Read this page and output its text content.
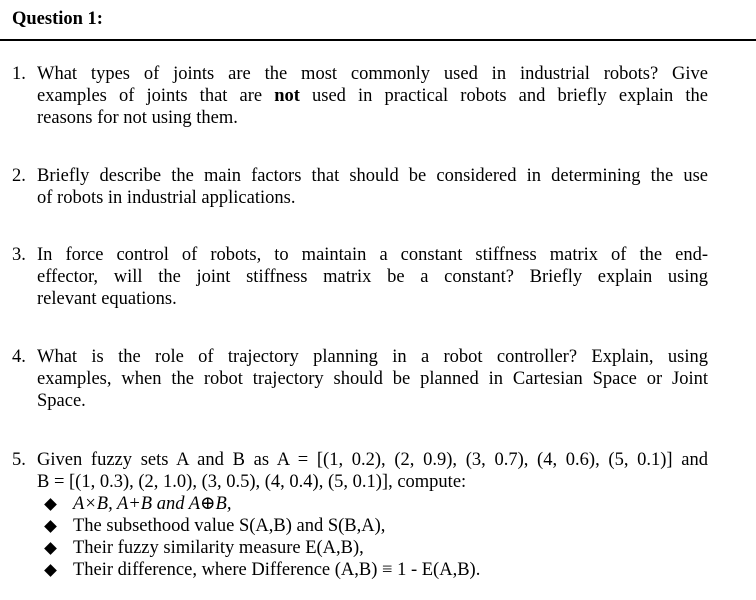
Question 1:
1. What types of joints are the most commonly used in industrial robots? Give
examples of joints that are not used in practical robots and briefly explain the
reasons for not using them.
2. Briefly describe the main factors that should be considered in determining the use
of robots in industrial applications.
3. In force control of robots, to maintain a constant stiffness matrix of the end-
effector, will the joint stiffness matrix be a constant? Briefly explain using
relevant equations.
4. What is the role of trajectory planning in a robot controller? Explain, using
examples, when the robot trajectory should be planned in Cartesian Space or Joint
Space.
5. Given fuzzy sets A and B as A = [(1, 0.2), (2, 0.9), (3, 0.7), (4, 0.6), (5, 0.1)] and
B = [(1, 0.3), (2, 1.0), (3, 0.5), (4, 0.4), (5, 0.1)], compute:
A×B, A+B and A⊕B,
The subsethood value S(A,B) and S(B,A),
Their fuzzy similarity measure E(A,B),
Their difference, where Difference (A,B) ≡ 1 - E(A,B).
